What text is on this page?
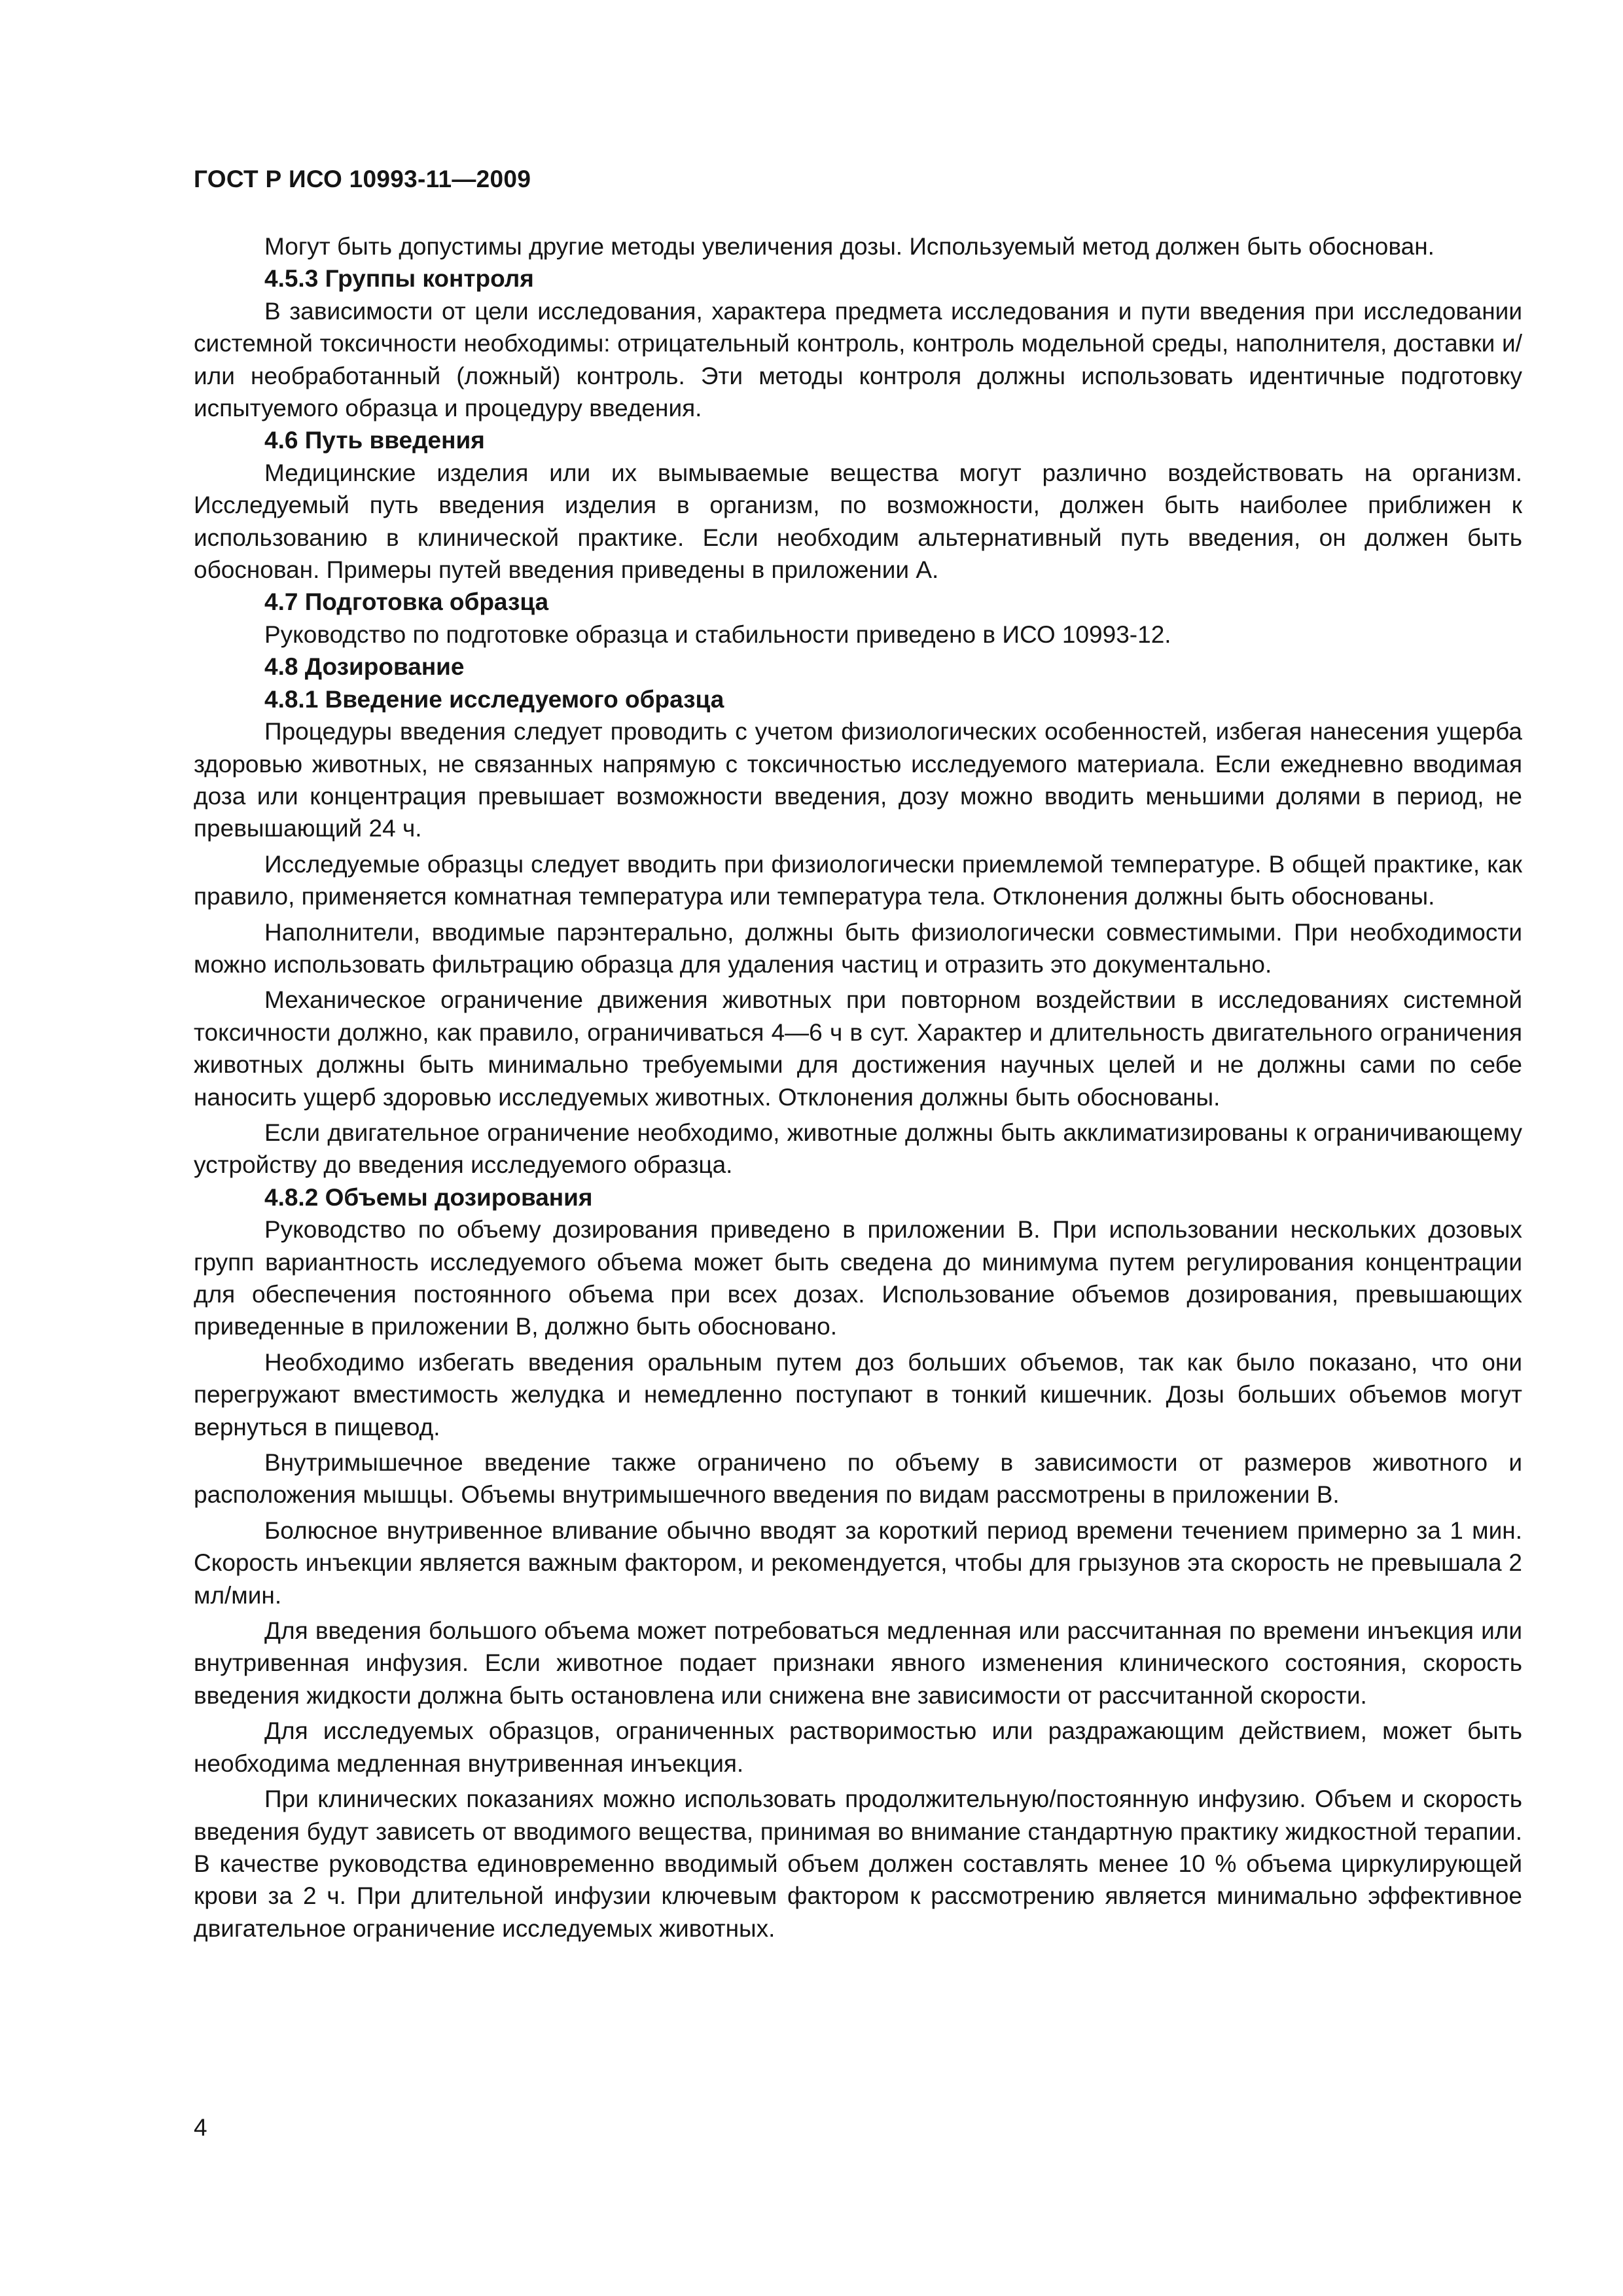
ГОСТ Р ИСО 10993-11—2009

Могут быть допустимы другие методы увеличения дозы. Используемый метод должен быть обоснован.

4.5.3 Группы контроля

В зависимости от цели исследования, характера предмета исследования и пути введения при исследовании системной токсичности необходимы: отрицательный контроль, контроль модельной среды, наполнителя, доставки и/или необработанный (ложный) контроль. Эти методы контроля должны использовать идентичные подготовку испытуемого образца и процедуру введения.

4.6 Путь введения

Медицинские изделия или их вымываемые вещества могут различно воздействовать на организм. Исследуемый путь введения изделия в организм, по возможности, должен быть наиболее приближен к использованию в клинической практике. Если необходим альтернативный путь введения, он должен быть обоснован. Примеры путей введения приведены в приложении А.

4.7 Подготовка образца

Руководство по подготовке образца и стабильности приведено в ИСО 10993-12.

4.8 Дозирование
4.8.1 Введение исследуемого образца

Процедуры введения следует проводить с учетом физиологических особенностей, избегая нанесения ущерба здоровью животных, не связанных напрямую с токсичностью исследуемого материала. Если ежедневно вводимая доза или концентрация превышает возможности введения, дозу можно вводить меньшими долями в период, не превышающий 24 ч.

Исследуемые образцы следует вводить при физиологически приемлемой температуре. В общей практике, как правило, применяется комнатная температура или температура тела. Отклонения должны быть обоснованы.

Наполнители, вводимые парэнтерально, должны быть физиологически совместимыми. При необходимости можно использовать фильтрацию образца для удаления частиц и отразить это документально.

Механическое ограничение движения животных при повторном воздействии в исследованиях системной токсичности должно, как правило, ограничиваться 4—6 ч в сут. Характер и длительность двигательного ограничения животных должны быть минимально требуемыми для достижения научных целей и не должны сами по себе наносить ущерб здоровью исследуемых животных. Отклонения должны быть обоснованы.

Если двигательное ограничение необходимо, животные должны быть акклиматизированы к ограничивающему устройству до введения исследуемого образца.

4.8.2 Объемы дозирования

Руководство по объему дозирования приведено в приложении В. При использовании нескольких дозовых групп вариантность исследуемого объема может быть сведена до минимума путем регулирования концентрации для обеспечения постоянного объема при всех дозах. Использование объемов дозирования, превышающих приведенные в приложении В, должно быть обосновано.

Необходимо избегать введения оральным путем доз больших объемов, так как было показано, что они перегружают вместимость желудка и немедленно поступают в тонкий кишечник. Дозы больших объемов могут вернуться в пищевод.

Внутримышечное введение также ограничено по объему в зависимости от размеров животного и расположения мышцы. Объемы внутримышечного введения по видам рассмотрены в приложении В.

Болюсное внутривенное вливание обычно вводят за короткий период времени течением примерно за 1 мин. Скорость инъекции является важным фактором, и рекомендуется, чтобы для грызунов эта скорость не превышала 2 мл/мин.

Для введения большого объема может потребоваться медленная или рассчитанная по времени инъекция или внутривенная инфузия. Если животное подает признаки явного изменения клинического состояния, скорость введения жидкости должна быть остановлена или снижена вне зависимости от рассчитанной скорости.

Для исследуемых образцов, ограниченных растворимостью или раздражающим действием, может быть необходима медленная внутривенная инъекция.

При клинических показаниях можно использовать продолжительную/постоянную инфузию. Объем и скорость введения будут зависеть от вводимого вещества, принимая во внимание стандартную практику жидкостной терапии. В качестве руководства единовременно вводимый объем должен составлять менее 10 % объема циркулирующей крови за 2 ч. При длительной инфузии ключевым фактором к рассмотрению является минимально эффективное двигательное ограничение исследуемых животных.

4
